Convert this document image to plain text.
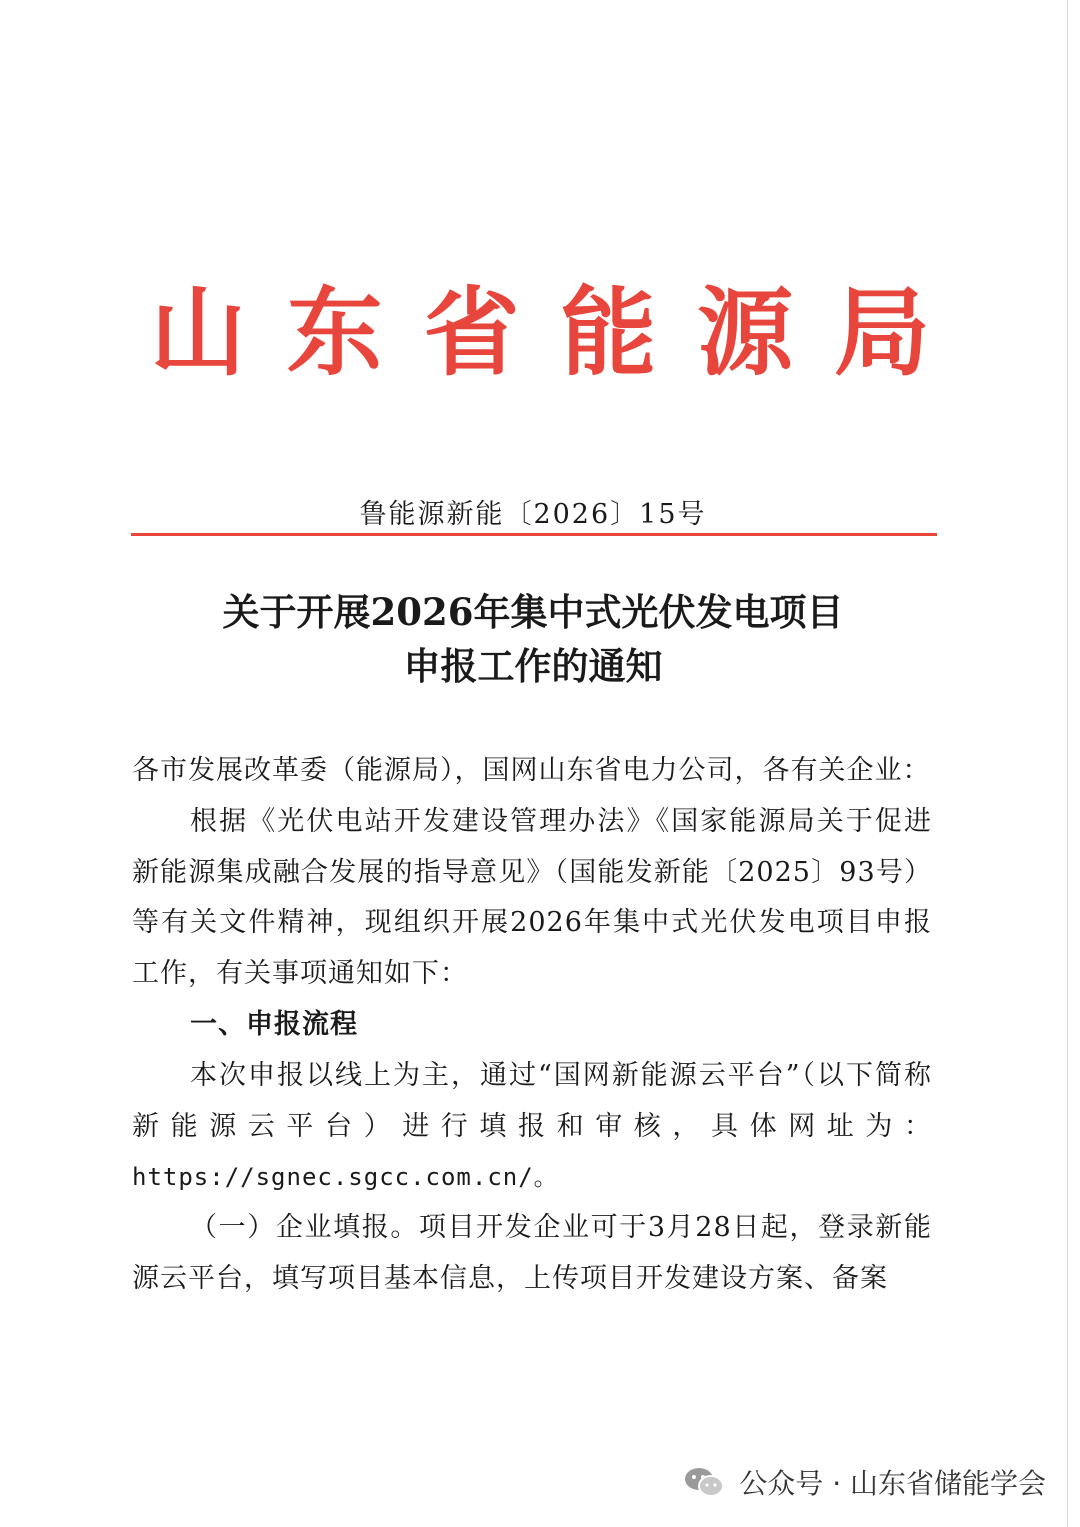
山 东 省 能 源 局
鲁能源新能〔2026〕15号
关于开展2026年集中式光伏发电项目
申报工作的通知

各市发展改革委（能源局），国网山东省电力公司，各有关企业：

根据《光伏电站开发建设管理办法》《国家能源局关于促进新能源集成融合发展的指导意见》（国能发新能〔2025〕93号）等有关文件精神，现组织开展2026年集中式光伏发电项目申报工作，有关事项通知如下：

一、申报流程

本次申报以线上为主，通过“国网新能源云平台”（以下简称新能源云平台）进行填报和审核，具体网址为：https://sgnec.sgcc.com.cn/。

（一）企业填报。项目开发企业可于3月28日起，登录新能源云平台，填写项目基本信息，上传项目开发建设方案、备案

公众号 · 山东省储能学会
